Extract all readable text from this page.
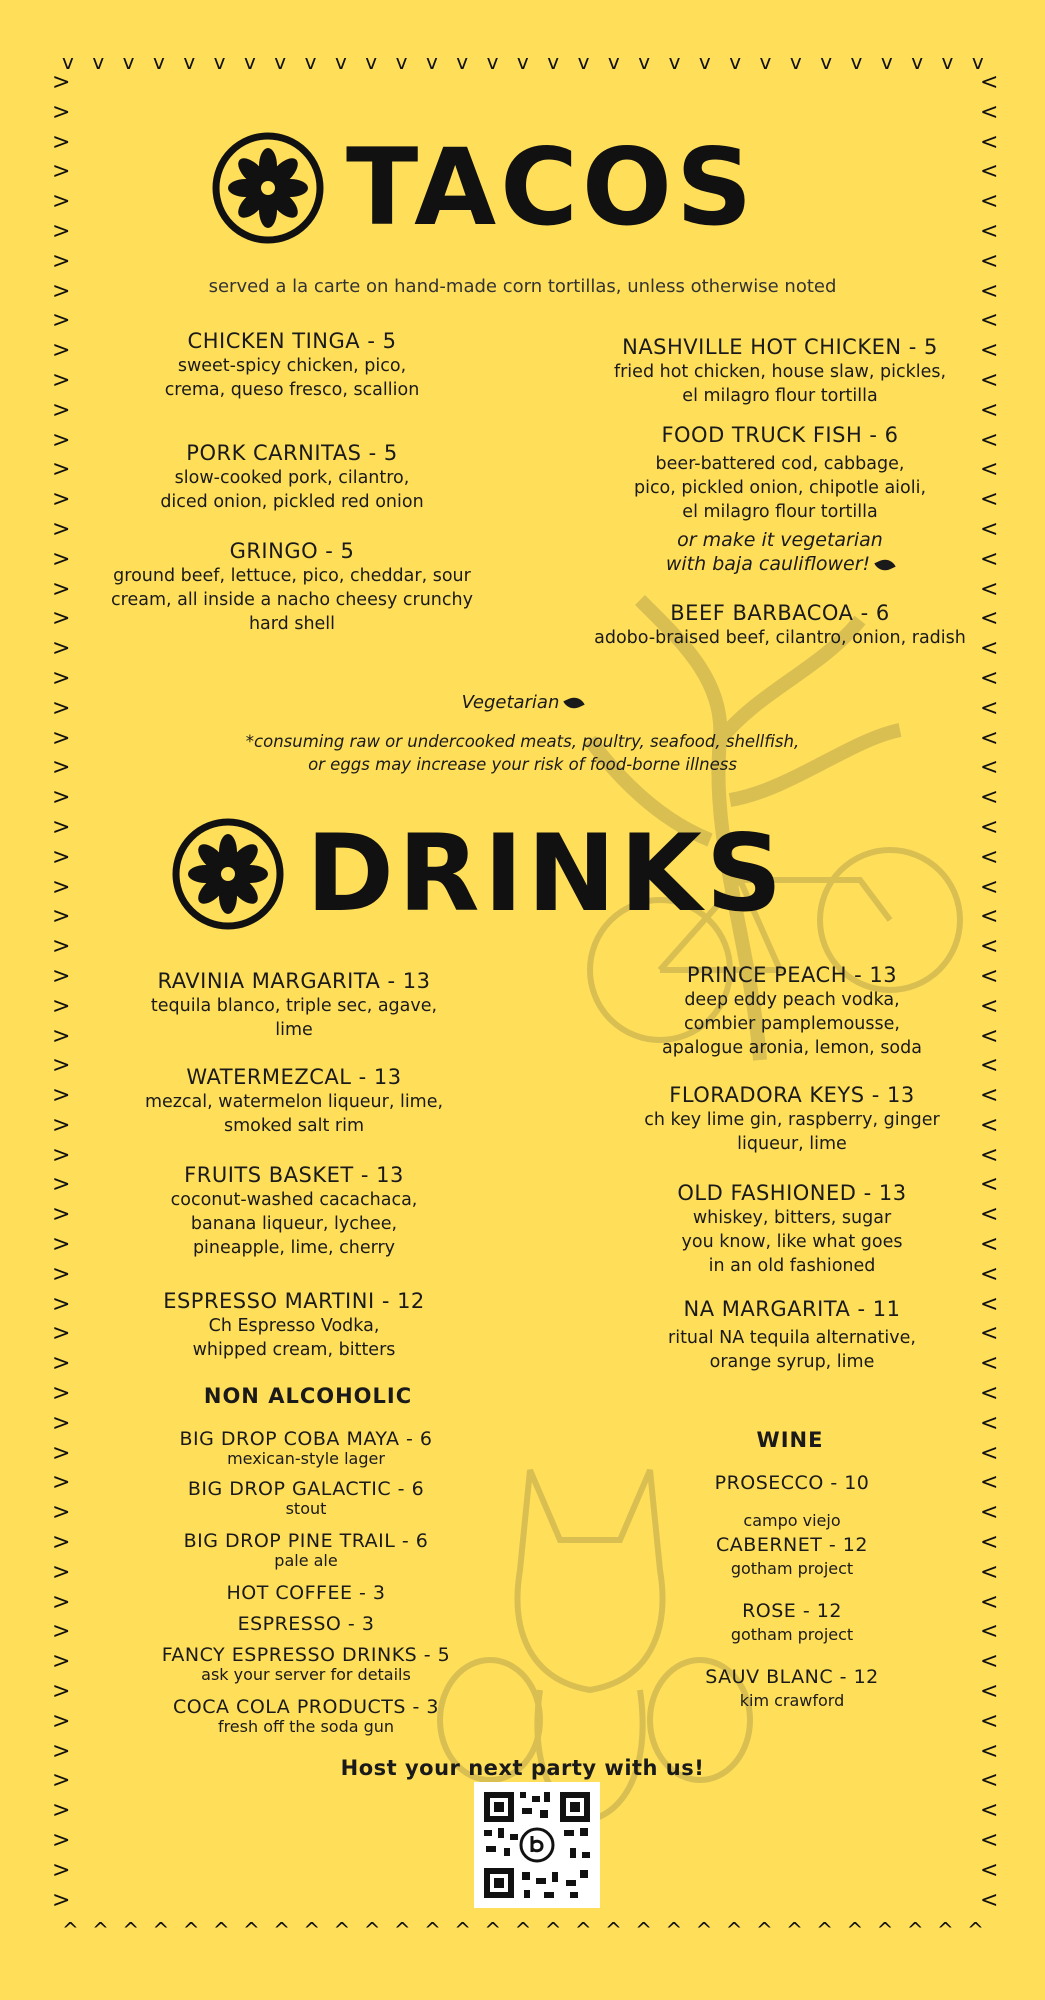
v v v v v v v v v v v v v v v v v v v v v v v v v v v v v v v
^ ^ ^ ^ ^ ^ ^ ^ ^ ^ ^ ^ ^ ^ ^ ^ ^ ^ ^ ^ ^ ^ ^ ^ ^ ^ ^ ^ ^ ^ ^
>
>
>
>
>
>
>
>
>
>
>
>
>
>
>
>
>
>
>
>
>
>
>
>
>
>
>
>
>
>
>
>
>
>
>
>
>
>
>
>
>
>
>
>
>
>
>
>
>
>
>
>
>
>
>
>
>
>
>
>
>
>
<
<
<
<
<
<
<
<
<
<
<
<
<
<
<
<
<
<
<
<
<
<
<
<
<
<
<
<
<
<
<
<
<
<
<
<
<
<
<
<
<
<
<
<
<
<
<
<
<
<
<
<
<
<
<
<
<
<
<
<
<
<
TACOS
served a la carte on hand-made corn tortillas, unless otherwise noted
CHICKEN TINGA - 5
sweet-spicy chicken, pico,
crema, queso fresco, scallion
PORK CARNITAS - 5
slow-cooked pork, cilantro,
diced onion, pickled red onion
GRINGO - 5
ground beef, lettuce, pico, cheddar, sour
cream, all inside a nacho cheesy crunchy
hard shell
NASHVILLE HOT CHICKEN - 5
fried hot chicken, house slaw, pickles,
el milagro flour tortilla
FOOD TRUCK FISH - 6
beer-battered cod, cabbage,
pico, pickled onion, chipotle aioli,
el milagro flour tortilla
or make it vegetarian
with baja cauliflower!
BEEF BARBACOA - 6
adobo-braised beef, cilantro, onion, radish
Vegetarian
*consuming raw or undercooked meats, poultry, seafood, shellfish,
or eggs may increase your risk of food-borne illness
DRINKS
RAVINIA MARGARITA - 13
tequila blanco, triple sec, agave,
lime
WATERMEZCAL - 13
mezcal, watermelon liqueur, lime,
smoked salt rim
FRUITS BASKET - 13
coconut-washed cacachaca,
banana liqueur, lychee,
pineapple, lime, cherry
ESPRESSO MARTINI - 12
Ch Espresso Vodka,
whipped cream, bitters
PRINCE PEACH - 13
deep eddy peach vodka,
combier pamplemousse,
apalogue aronia, lemon, soda
FLORADORA KEYS - 13
ch key lime gin, raspberry, ginger
liqueur, lime
OLD FASHIONED - 13
whiskey, bitters, sugar
you know, like what goes
in an old fashioned
NA MARGARITA - 11
ritual NA tequila alternative,
orange syrup, lime
NON ALCOHOLIC
BIG DROP COBA MAYA - 6
mexican-style lager
BIG DROP GALACTIC - 6
stout
BIG DROP PINE TRAIL - 6
pale ale
HOT COFFEE - 3
ESPRESSO - 3
FANCY ESPRESSO DRINKS - 5
ask your server for details
COCA COLA PRODUCTS - 3
fresh off the soda gun
WINE
PROSECCO - 10
campo viejo
CABERNET - 12
gotham project
ROSE - 12
gotham project
SAUV BLANC - 12
kim crawford
Host your next party with us!
